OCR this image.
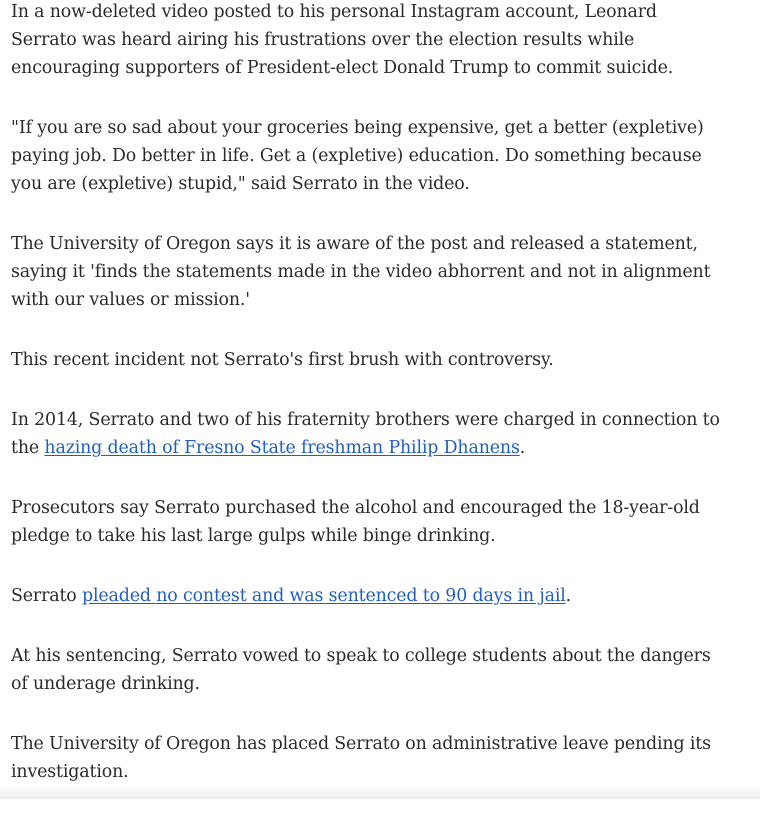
In a now-deleted video posted to his personal Instagram account, Leonard Serrato was heard airing his frustrations over the election results while encouraging supporters of President-elect Donald Trump to commit suicide.

"If you are so sad about your groceries being expensive, get a better (expletive) paying job. Do better in life. Get a (expletive) education. Do something because you are (expletive) stupid," said Serrato in the video.

The University of Oregon says it is aware of the post and released a statement, saying it 'finds the statements made in the video abhorrent and not in alignment with our values or mission.'

This recent incident not Serrato's first brush with controversy.

In 2014, Serrato and two of his fraternity brothers were charged in connection to the hazing death of Fresno State freshman Philip Dhanens.

Prosecutors say Serrato purchased the alcohol and encouraged the 18-year-old pledge to take his last large gulps while binge drinking.

Serrato pleaded no contest and was sentenced to 90 days in jail.

At his sentencing, Serrato vowed to speak to college students about the dangers of underage drinking.

The University of Oregon has placed Serrato on administrative leave pending its investigation.
